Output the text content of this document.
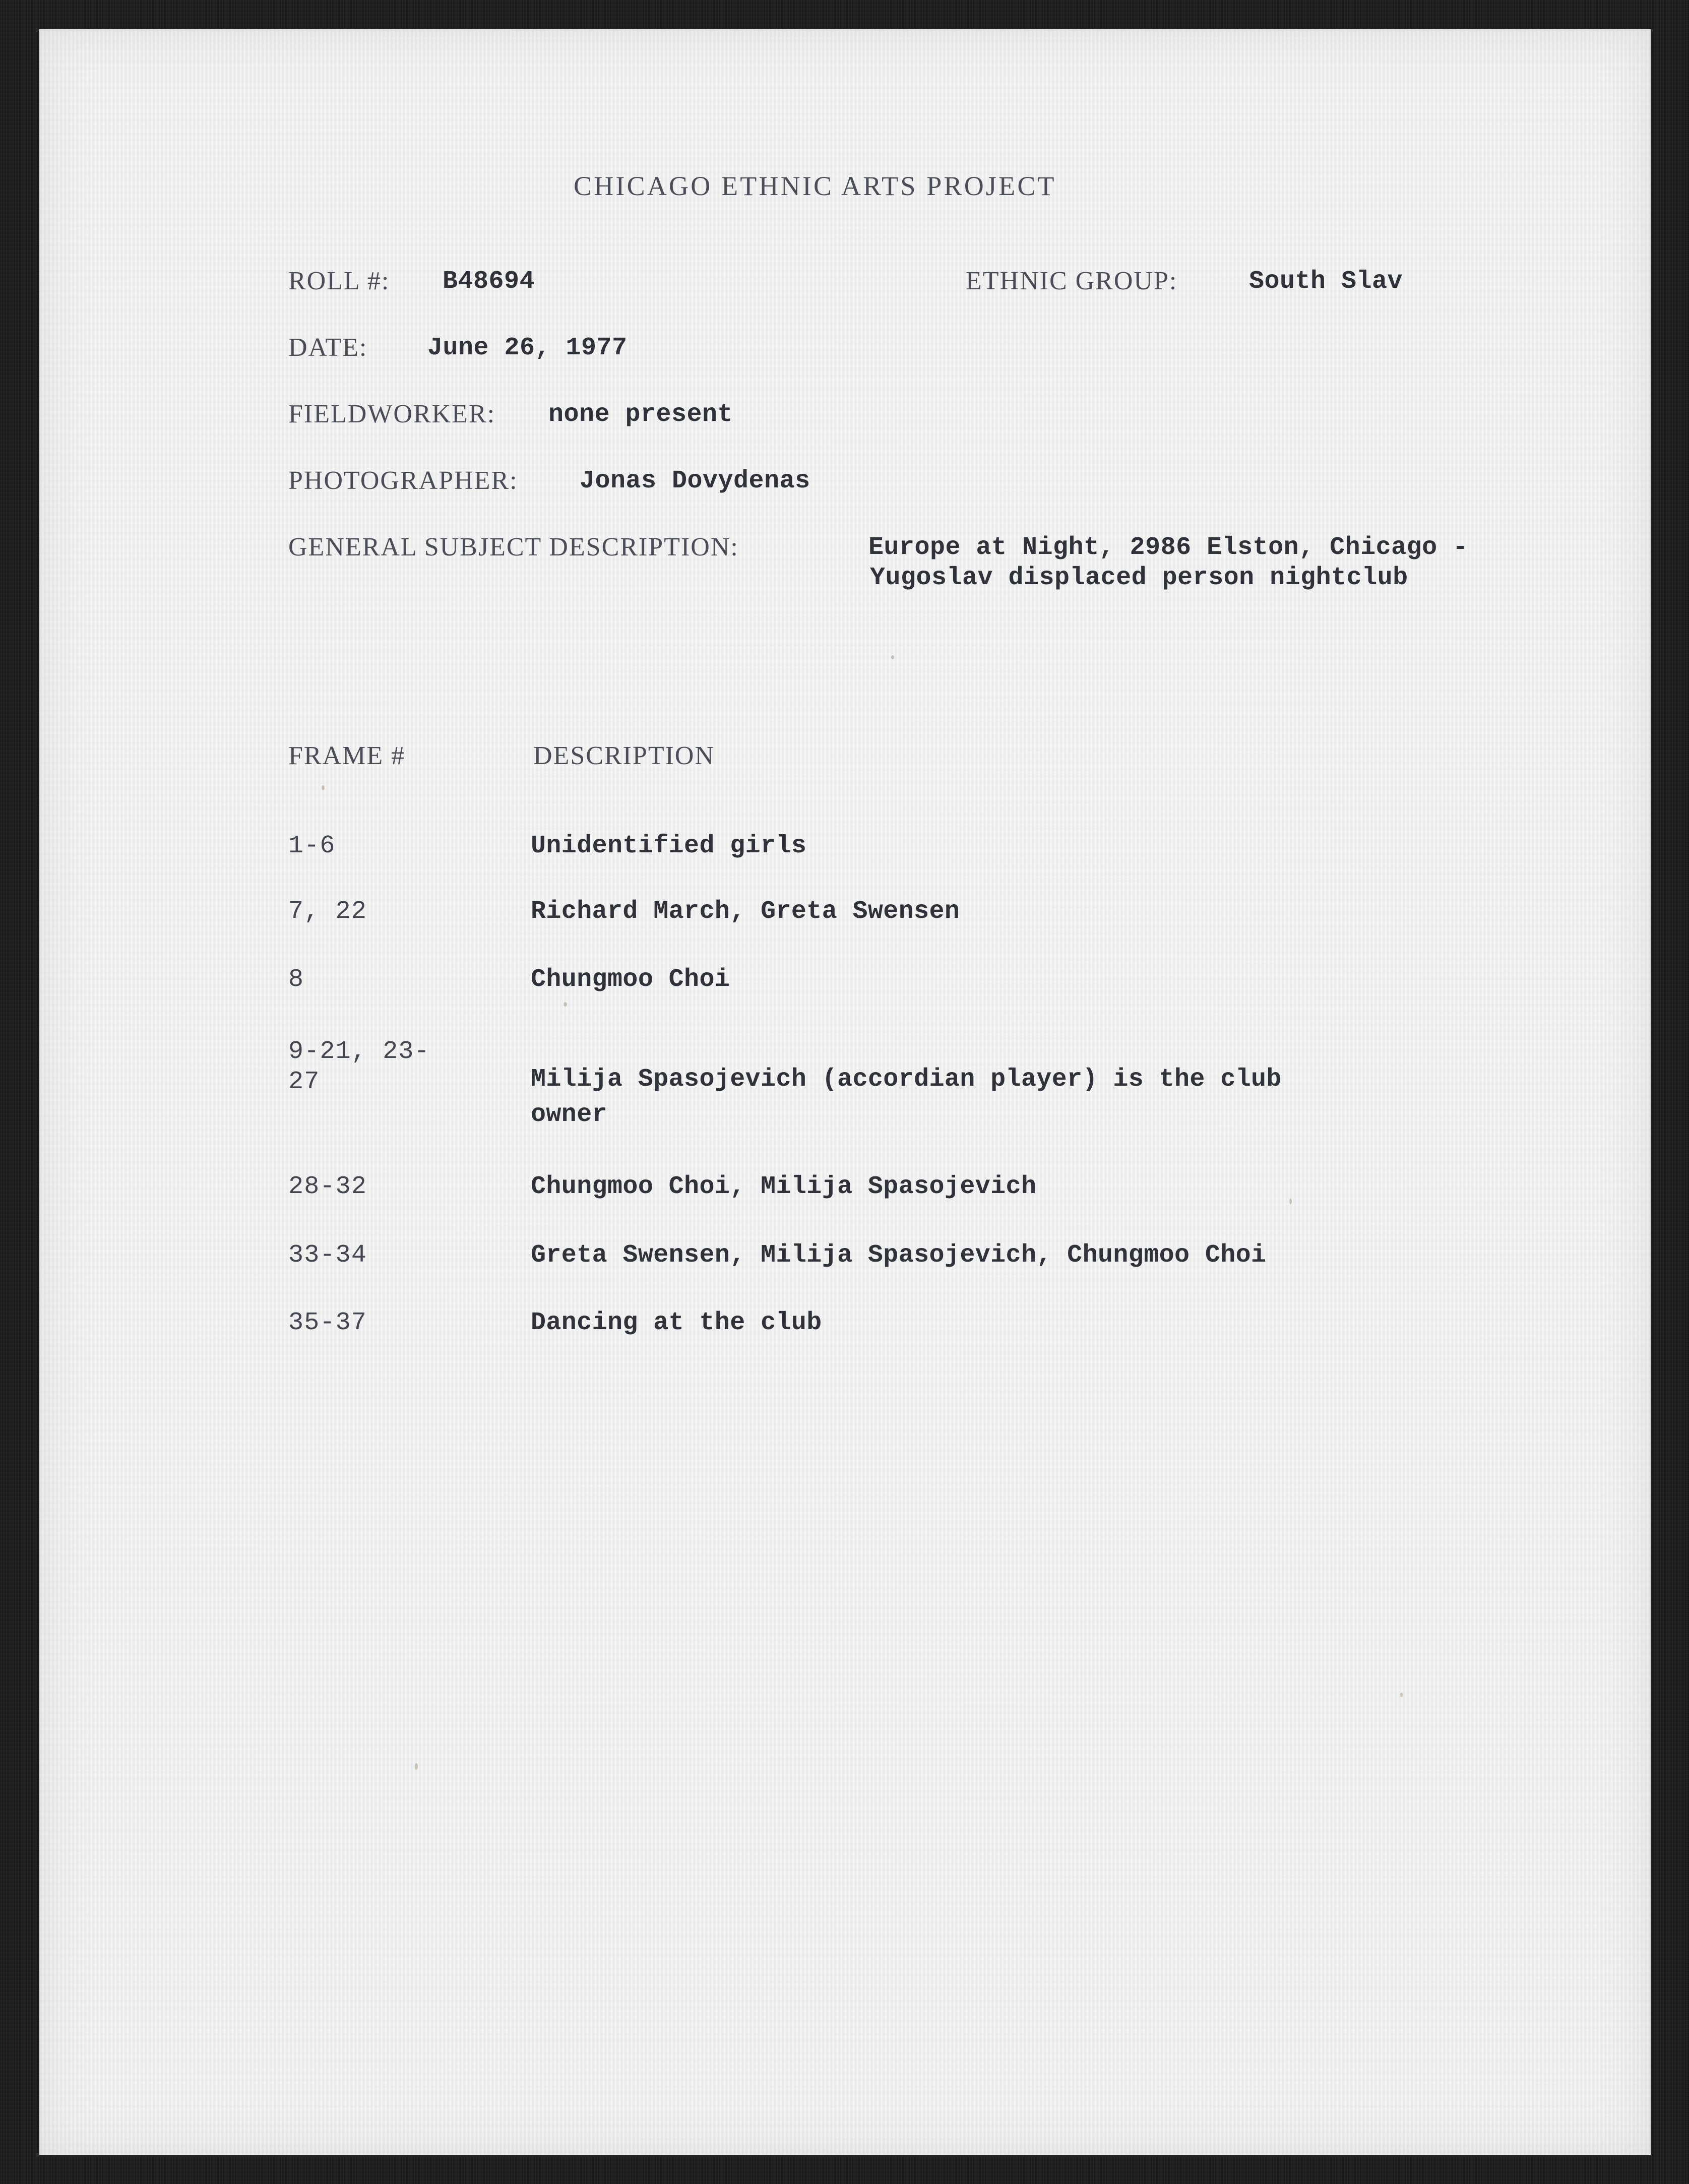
CHICAGO ETHNIC ARTS PROJECT
ROLL #: B48694	ETHNIC GROUP:	South Slav
DATE: June 26, 1977
FIELDWORKER: none present
PHOTOGRAPHER: Jonas Dovydenas
GENERAL SUBJECT DESCRIPTION:	Europe at Night, 2986 Elston, Chicago -
Yugoslav displaced person nightclub
FRAME #	DESCRIPTION
1-6	Unidentified girls
7, 22	Richard March, Greta Swensen
8	Chungmoo Choi
9-21, 23-
27	Milija Spasojevich (accordian player) is the club
owner
28-32	Chungmoo Choi, Milija Spasojevich
33-34	Greta Swensen, Milija Spasojevich, Chungmoo Choi
35-37	Dancing at the club
